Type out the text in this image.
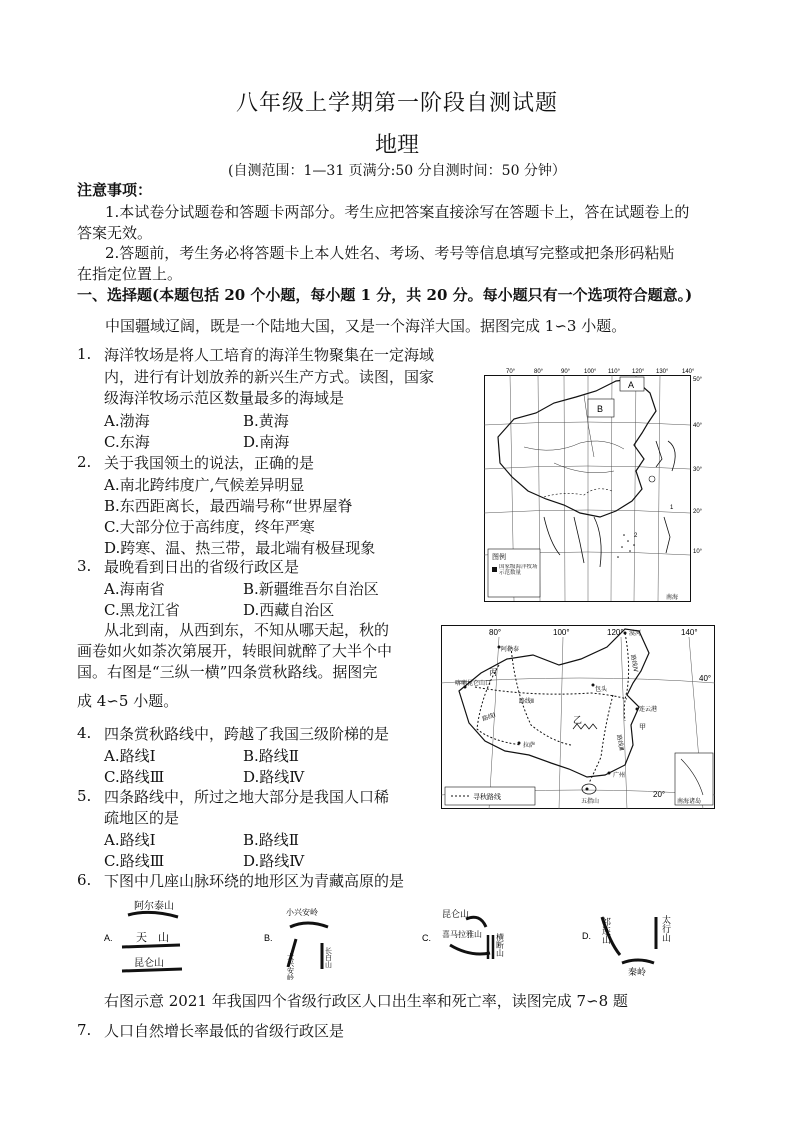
八年级上学期第一阶段自测试题
地理
(自测范围：1—31 页满分:50 分自测时间：50 分钟）
注意事项：
1.本试卷分试题卷和答题卡两部分。考生应把答案直接涂写在答题卡上，答在试题卷上的
答案无效。
2.答题前，考生务必将答题卡上本人姓名、考场、考号等信息填写完整或把条形码粘贴
在指定位置上。
一、选择题(本题包括 20 个小题，每小题 1 分，共 20 分。每小题只有一个选项符合题意。)
中国疆域辽阔，既是一个陆地大国，又是一个海洋大国。据图完成 1∽3 小题。
1. 海洋牧场是将人工培育的海洋生物聚集在一定海域
内，进行有计划放养的新兴生产方式。读图，国家
级海洋牧场示范区数量最多的海域是
A.渤海	B.黄海
C.东海	D.南海
2. 关于我国领土的说法，正确的是
A.南北跨纬度广,气候差异明显
B.东西距离长，最西端号称“世界屋脊
C.大部分位于高纬度，终年严寒
D.跨寒、温、热三带，最北端有极昼现象
3. 最晚看到日出的省级行政区是
A.海南省	B.新疆维吾尔自治区
C.黑龙江省	D.西藏自治区
从北到南，从西到东，不知从哪天起，秋的
画卷如火如荼次第展开，转眼间就醉了大半个中
国。右图是“三纵一横”四条赏秋路线。据图完
成 4∽5 小题。
4. 四条赏秋路线中，跨越了我国三级阶梯的是
A.路线Ⅰ	B.路线Ⅱ
C.路线Ⅲ	D.路线Ⅳ
5. 四条路线中，所过之地大部分是我国人口稀
疏地区的是
A.路线Ⅰ	B.路线Ⅱ
C.路线Ⅲ	D.路线Ⅳ
6. 下图中几座山脉环绕的地形区为青藏高原的是
A.
阿尔泰山
天　山
昆仑山
B.
小兴安岭
大兴安岭	长白山
C.
昆仑山
喜马拉雅山 横断山	D. 祁连山	太行山
秦岭
右图示意 2021 年我国四个省级行政区人口出生率和死亡率，读图完成 7∽8 题
7. 人口自然增长率最低的省级行政区是
70°	80°	90° 100° 110° 120° 130° 140°
50°
40°
30°
20°
10°
A
B
1
2
图例
国家级海洋牧场示范数量
南海
80°	100°	120°	140°
40°
20°
阿勒泰
包头
拉萨
连云港
广州
五指山
漠河
喀喇昆仑山口
丙
乙
甲
路线Ⅰ
路线Ⅱ
路线Ⅲ
路线Ⅳ
寻秋路线
南海诸岛
